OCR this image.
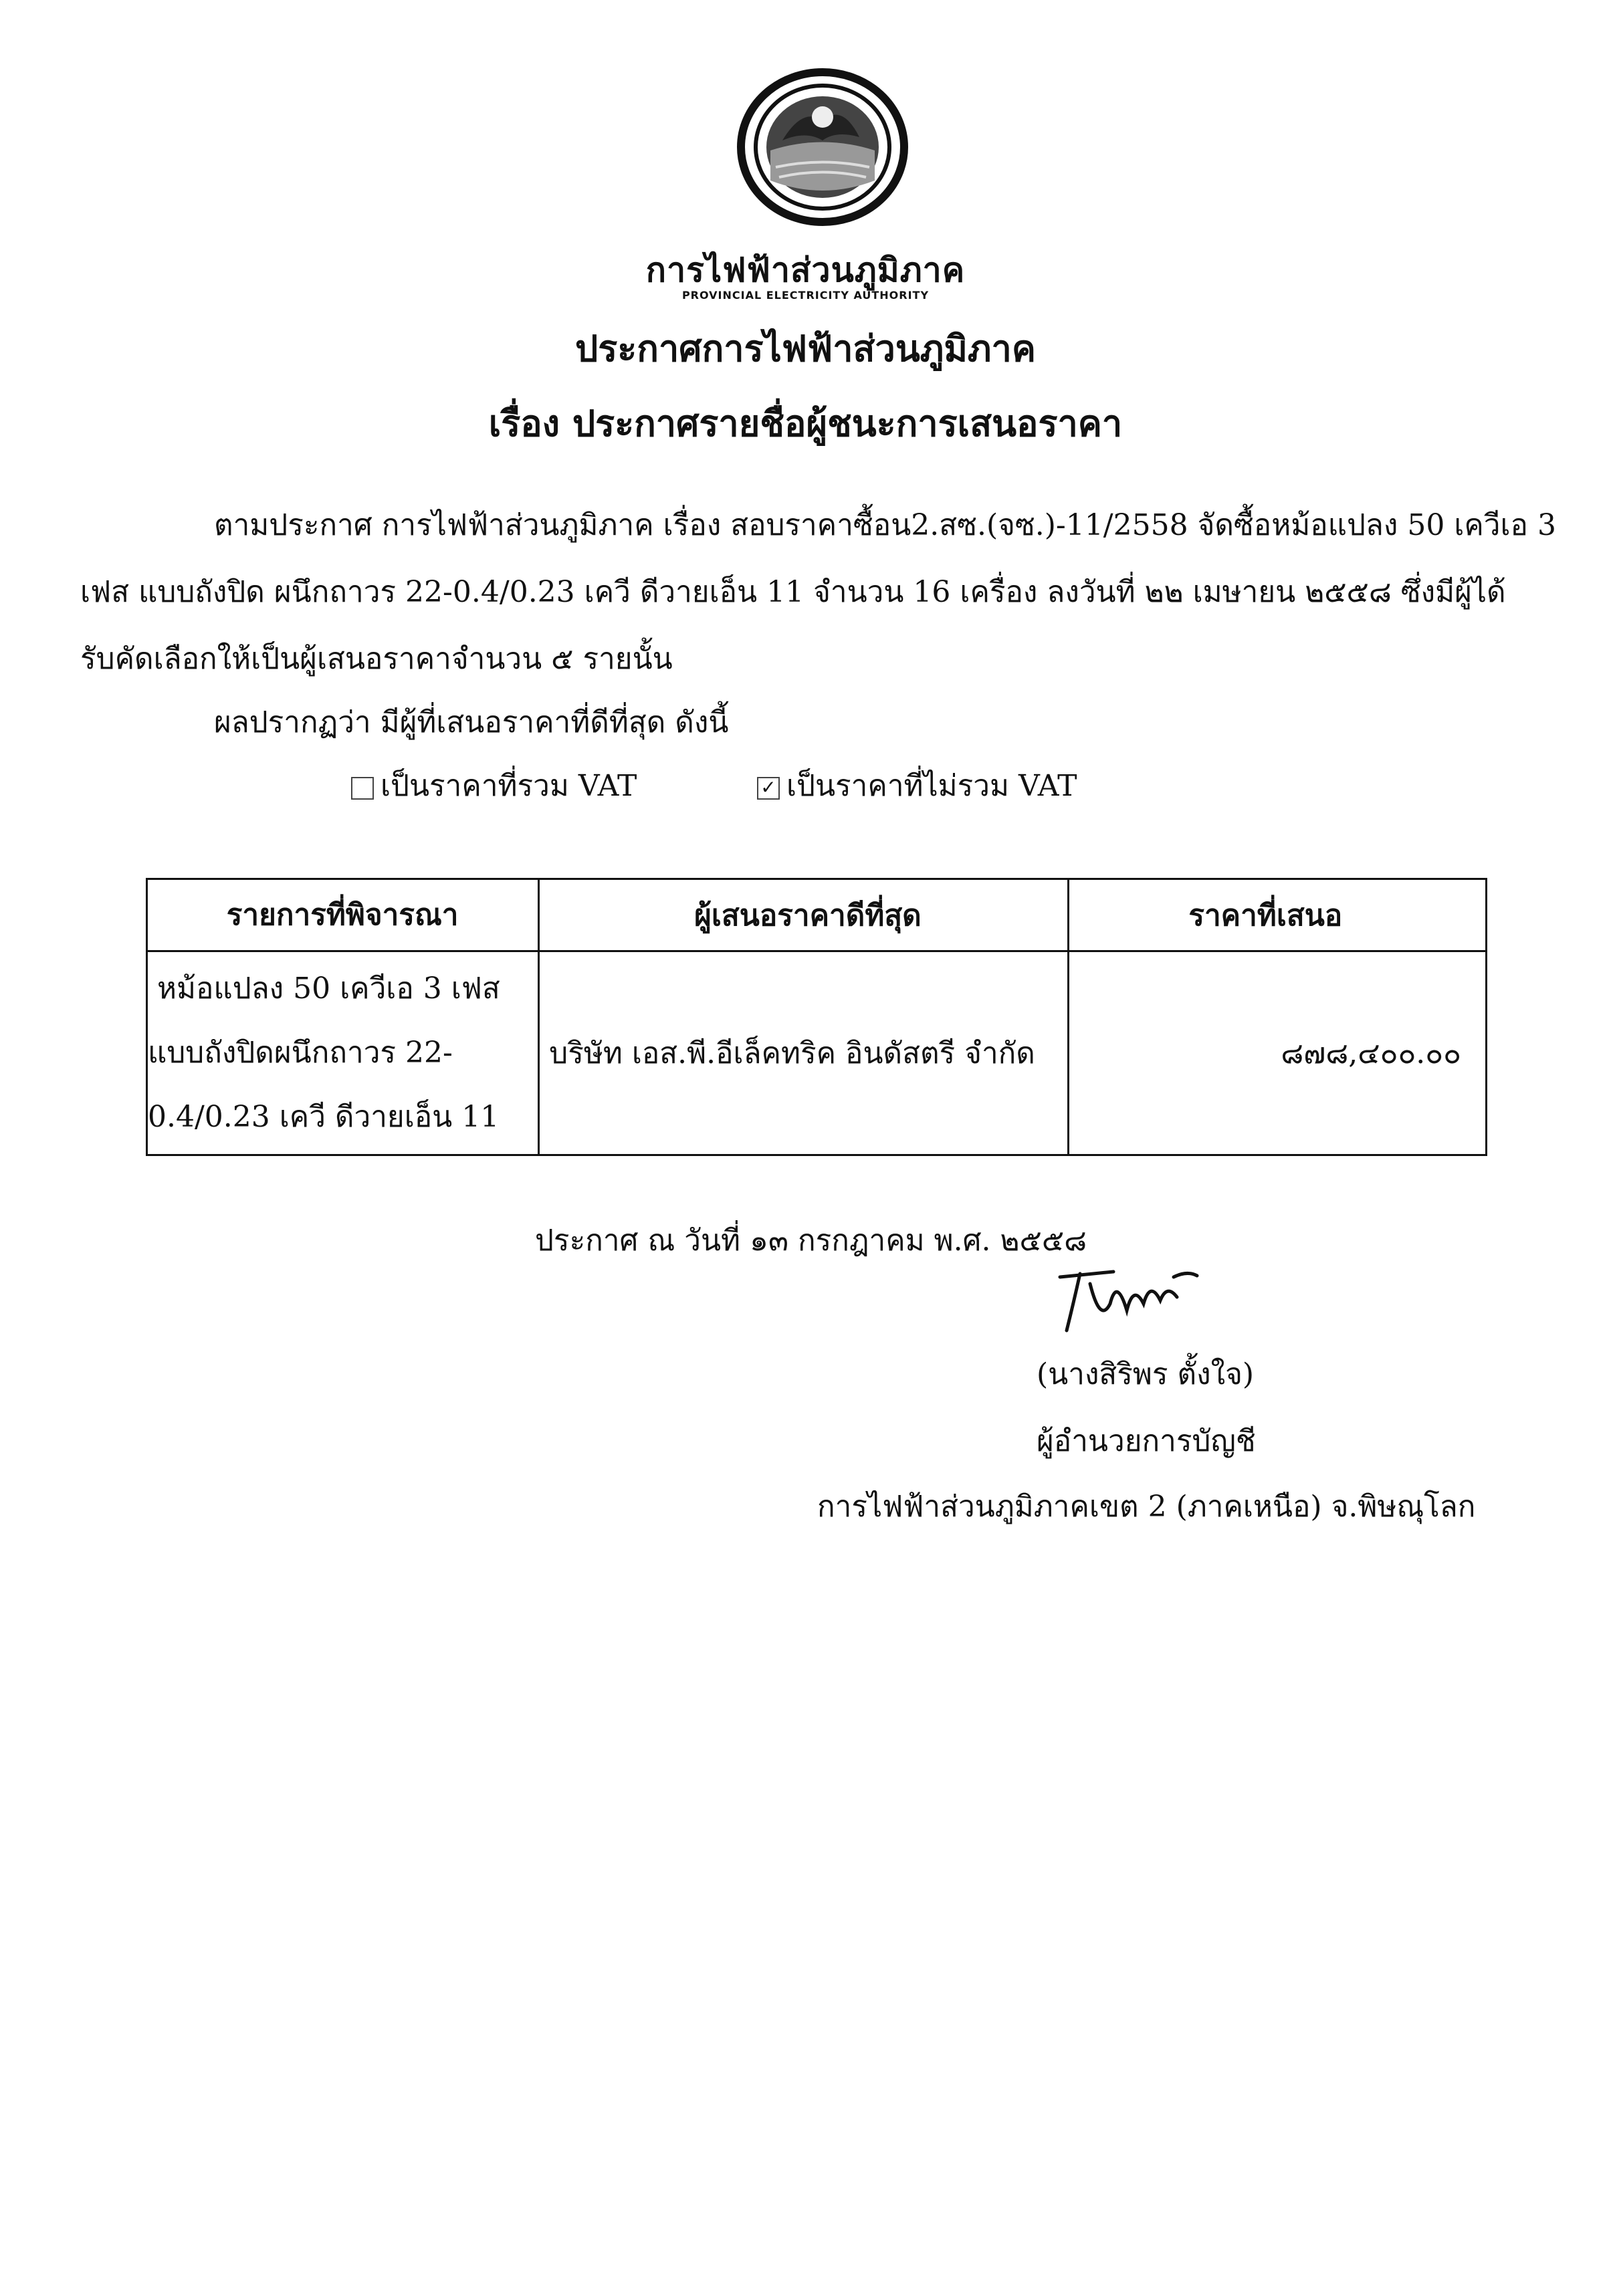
การไฟฟ้าส่วนภูมิภาค
PROVINCIAL ELECTRICITY AUTHORITY
ประกาศการไฟฟ้าส่วนภูมิภาค
เรื่อง ประกาศรายชื่อผู้ชนะการเสนอราคา
ตามประกาศ การไฟฟ้าส่วนภูมิภาค เรื่อง สอบราคาซื้อน2.สซ.(จซ.)-11/2558 จัดซื้อหม้อแปลง 50 เควีเอ 3
เฟส แบบถังปิด ผนึกถาวร 22-0.4/0.23 เควี ดีวายเอ็น 11 จำนวน 16 เครื่อง ลงวันที่ ๒๒ เมษายน ๒๕๕๘ ซึ่งมีผู้ได้
รับคัดเลือกให้เป็นผู้เสนอราคาจำนวน ๕ รายนั้น
ผลปรากฏว่า มีผู้ที่เสนอราคาที่ดีที่สุด ดังนี้
เป็นราคาที่รวม VAT	✓ เป็นราคาที่ไม่รวม VAT
รายการที่พิจารณา	ผู้เสนอราคาดีที่สุด	ราคาที่เสนอ

หม้อแปลง 50 เควีเอ 3 เฟส
แบบถังปิดผนึกถาวร 22-
0.4/0.23 เควี ดีวายเอ็น 11	บริษัท เอส.พี.อีเล็คทริค อินดัสตรี จำกัด	๘๗๘,๔๐๐.๐๐
ประกาศ ณ วันที่ ๑๓ กรกฎาคม พ.ศ. ๒๕๕๘
(นางสิริพร ตั้งใจ)
ผู้อำนวยการบัญชี
การไฟฟ้าส่วนภูมิภาคเขต 2 (ภาคเหนือ) จ.พิษณุโลก
